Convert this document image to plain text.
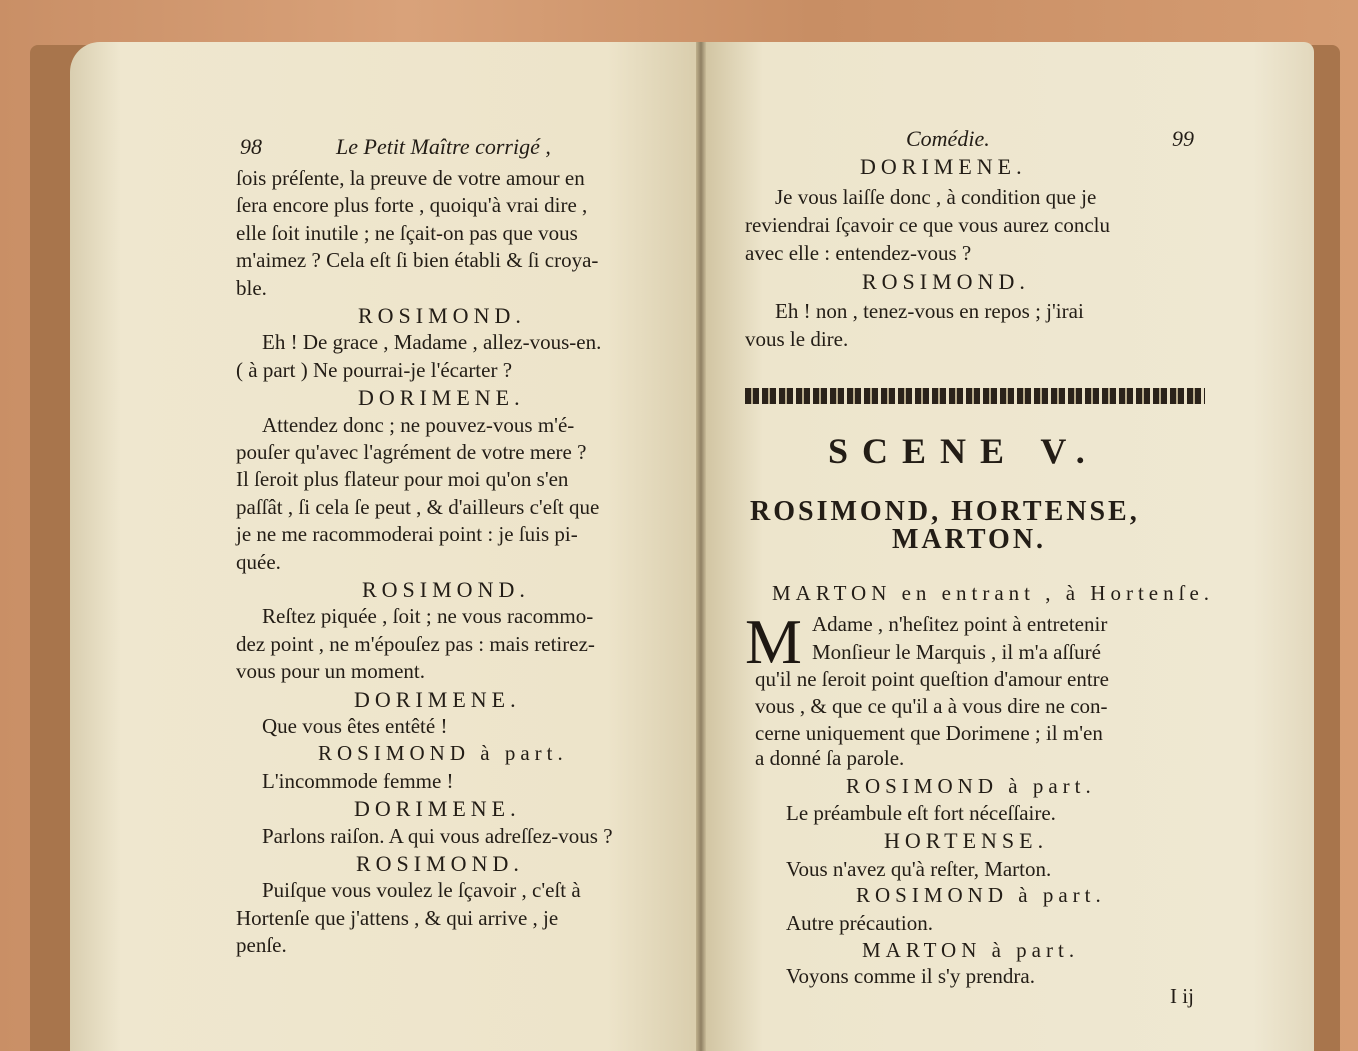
98	Le Petit Maître corrigé ,
ſois préſente, la preuve de votre amour en
ſera encore plus forte , quoiqu'à vrai dire ,
elle ſoit inutile ; ne ſçait-on pas que vous
m'aimez ? Cela eſt ſi bien établi & ſi croya-
ble.
ROSIMOND.
Eh ! De grace , Madame , allez-vous-en.
( à part ) Ne pourrai-je l'écarter ?
DORIMENE.
Attendez donc ; ne pouvez-vous m'é-
pouſer qu'avec l'agrément de votre mere ?
Il ſeroit plus flateur pour moi qu'on s'en
paſſât , ſi cela ſe peut , & d'ailleurs c'eſt que
je ne me racommoderai point : je ſuis pi-
quée.
ROSIMOND.
Reſtez piquée , ſoit ; ne vous racommo-
dez point , ne m'épouſez pas : mais retirez-
vous pour un moment.
DORIMENE.
Que vous êtes entêté !
ROSIMOND à part.
L'incommode femme !
DORIMENE.
Parlons raiſon. A qui vous adreſſez-vous ?
ROSIMOND.
Puiſque vous voulez le ſçavoir , c'eſt à
Hortenſe que j'attens , & qui arrive , je
penſe.
Comédie.	99
DORIMENE.
Je vous laiſſe donc , à condition que je
reviendrai ſçavoir ce que vous aurez conclu
avec elle : entendez-vous ?
ROSIMOND.
Eh ! non , tenez-vous en repos ; j'irai
vous le dire.
SCENE V.
ROSIMOND, HORTENSE,
MARTON.
M
MARTON en entrant , à Hortenſe.
Adame , n'heſitez point à entretenir
Monſieur le Marquis , il m'a aſſuré
qu'il ne ſeroit point queſtion d'amour entre
vous , & que ce qu'il a à vous dire ne con-
cerne uniquement que Dorimene ; il m'en
a donné ſa parole.
ROSIMOND à part.
Le préambule eſt fort néceſſaire.
HORTENSE.
Vous n'avez qu'à reſter, Marton.
ROSIMOND à part.
Autre précaution.
MARTON à part.
Voyons comme il s'y prendra.
I ij
